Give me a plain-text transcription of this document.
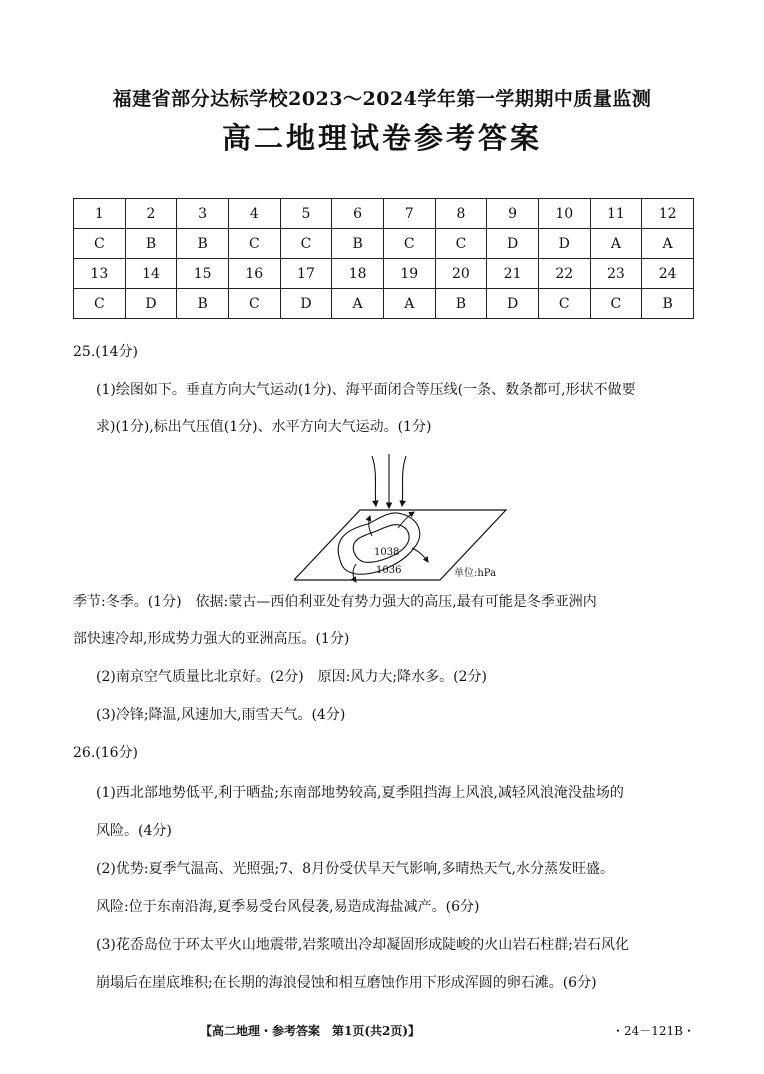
福建省部分达标学校2023～2024学年第一学期期中质量监测
高二地理试卷参考答案
1	2	3	4	5	6	7	8	9	10	11	12
C	B	B	C	C	B	C	C	D	D	A	A
13	14	15	16	17	18	19	20	21	22	23	24
C	D	B	C	D	A	A	B	D	C	C	B
25.(14分)
(1)绘图如下。垂直方向大气运动(1分)、海平面闭合等压线(一条、数条都可,形状不做要
求)(1分),标出气压值(1分)、水平方向大气运动。(1分)
1038
1036	单位:hPa
季节:冬季。(1分)　依据:蒙古—西伯利亚处有势力强大的高压,最有可能是冬季亚洲内
部快速冷却,形成势力强大的亚洲高压。(1分)
(2)南京空气质量比北京好。(2分)　原因:风力大;降水多。(2分)
(3)冷锋;降温,风速加大,雨雪天气。(4分)
26.(16分)
(1)西北部地势低平,利于晒盐;东南部地势较高,夏季阻挡海上风浪,减轻风浪淹没盐场的
风险。(4分)
(2)优势:夏季气温高、光照强;7、8月份受伏旱天气影响,多晴热天气,水分蒸发旺盛。
风险:位于东南沿海,夏季易受台风侵袭,易造成海盐减产。(6分)
(3)花岙岛位于环太平火山地震带,岩浆喷出冷却凝固形成陡峻的火山岩石柱群;岩石风化
崩塌后在崖底堆积;在长期的海浪侵蚀和相互磨蚀作用下形成浑圆的卵石滩。(6分)
【高二地理・参考答案　第1页(共2页)】	・24－121B・
